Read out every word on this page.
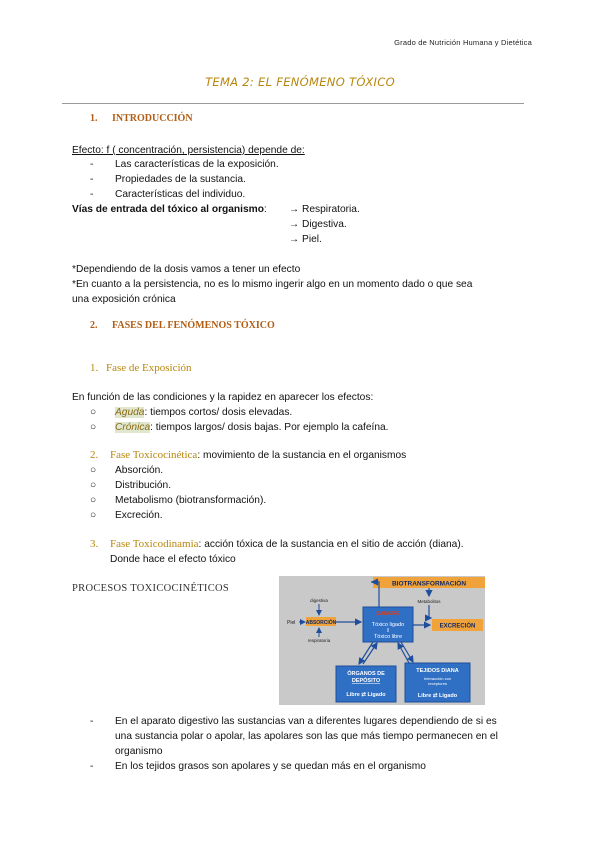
Grado de Nutrición Humana y Dietética
TEMA 2: EL FENÓMENO TÓXICO
1. INTRODUCCIÓN
Efecto: f ( concentración, persistencia) depende de:
- Las características de la exposición.
- Propiedades de la sustancia.
- Características del individuo.
Vías de entrada del tóxico al organismo: → Respiratoria.
→ Digestiva.
→ Piel.
*Dependiendo de la dosis vamos a tener un efecto
*En cuanto a la persistencia, no es lo mismo ingerir algo en un momento dado o que sea
una exposición crónica
2. FASES DEL FENÓMENOS TÓXICO
1. Fase de Exposición
En función de las condiciones y la rapidez en aparecer los efectos:
○ Aguda: tiempos cortos/ dosis elevadas.
○ Crónica: tiempos largos/ dosis bajas. Por ejemplo la cafeína.
2. Fase Toxicocinética: movimiento de la sustancia en el organismos
○ Absorción.
○ Distribución.
○ Metabolismo (biotransformación).
○ Excreción.
3. Fase Toxicodinamia: acción tóxica de la sustancia en el sitio de acción (diana).
Donde hace el efecto tóxico
PROCESOS TOXICOCINÉTICOS	BIOTRANSFORMACIÓN
Metabolitos
digestiva
Piel ABSORCIÓN
respiratoria
SANGRE
Tóxico ligado
Tóxico libre
EXCRECIÓN
ÓRGANOS DE
DEPÓSITO
Libre ⇄ Ligado
TEJIDOS DIANA
Interacción con
receptores
Libre ⇄ Ligado
- En el aparato digestivo las sustancias van a diferentes lugares dependiendo de si es
una sustancia polar o apolar, las apolares son las que más tiempo permanecen en el
organismo
- En los tejidos grasos son apolares y se quedan más en el organismo
